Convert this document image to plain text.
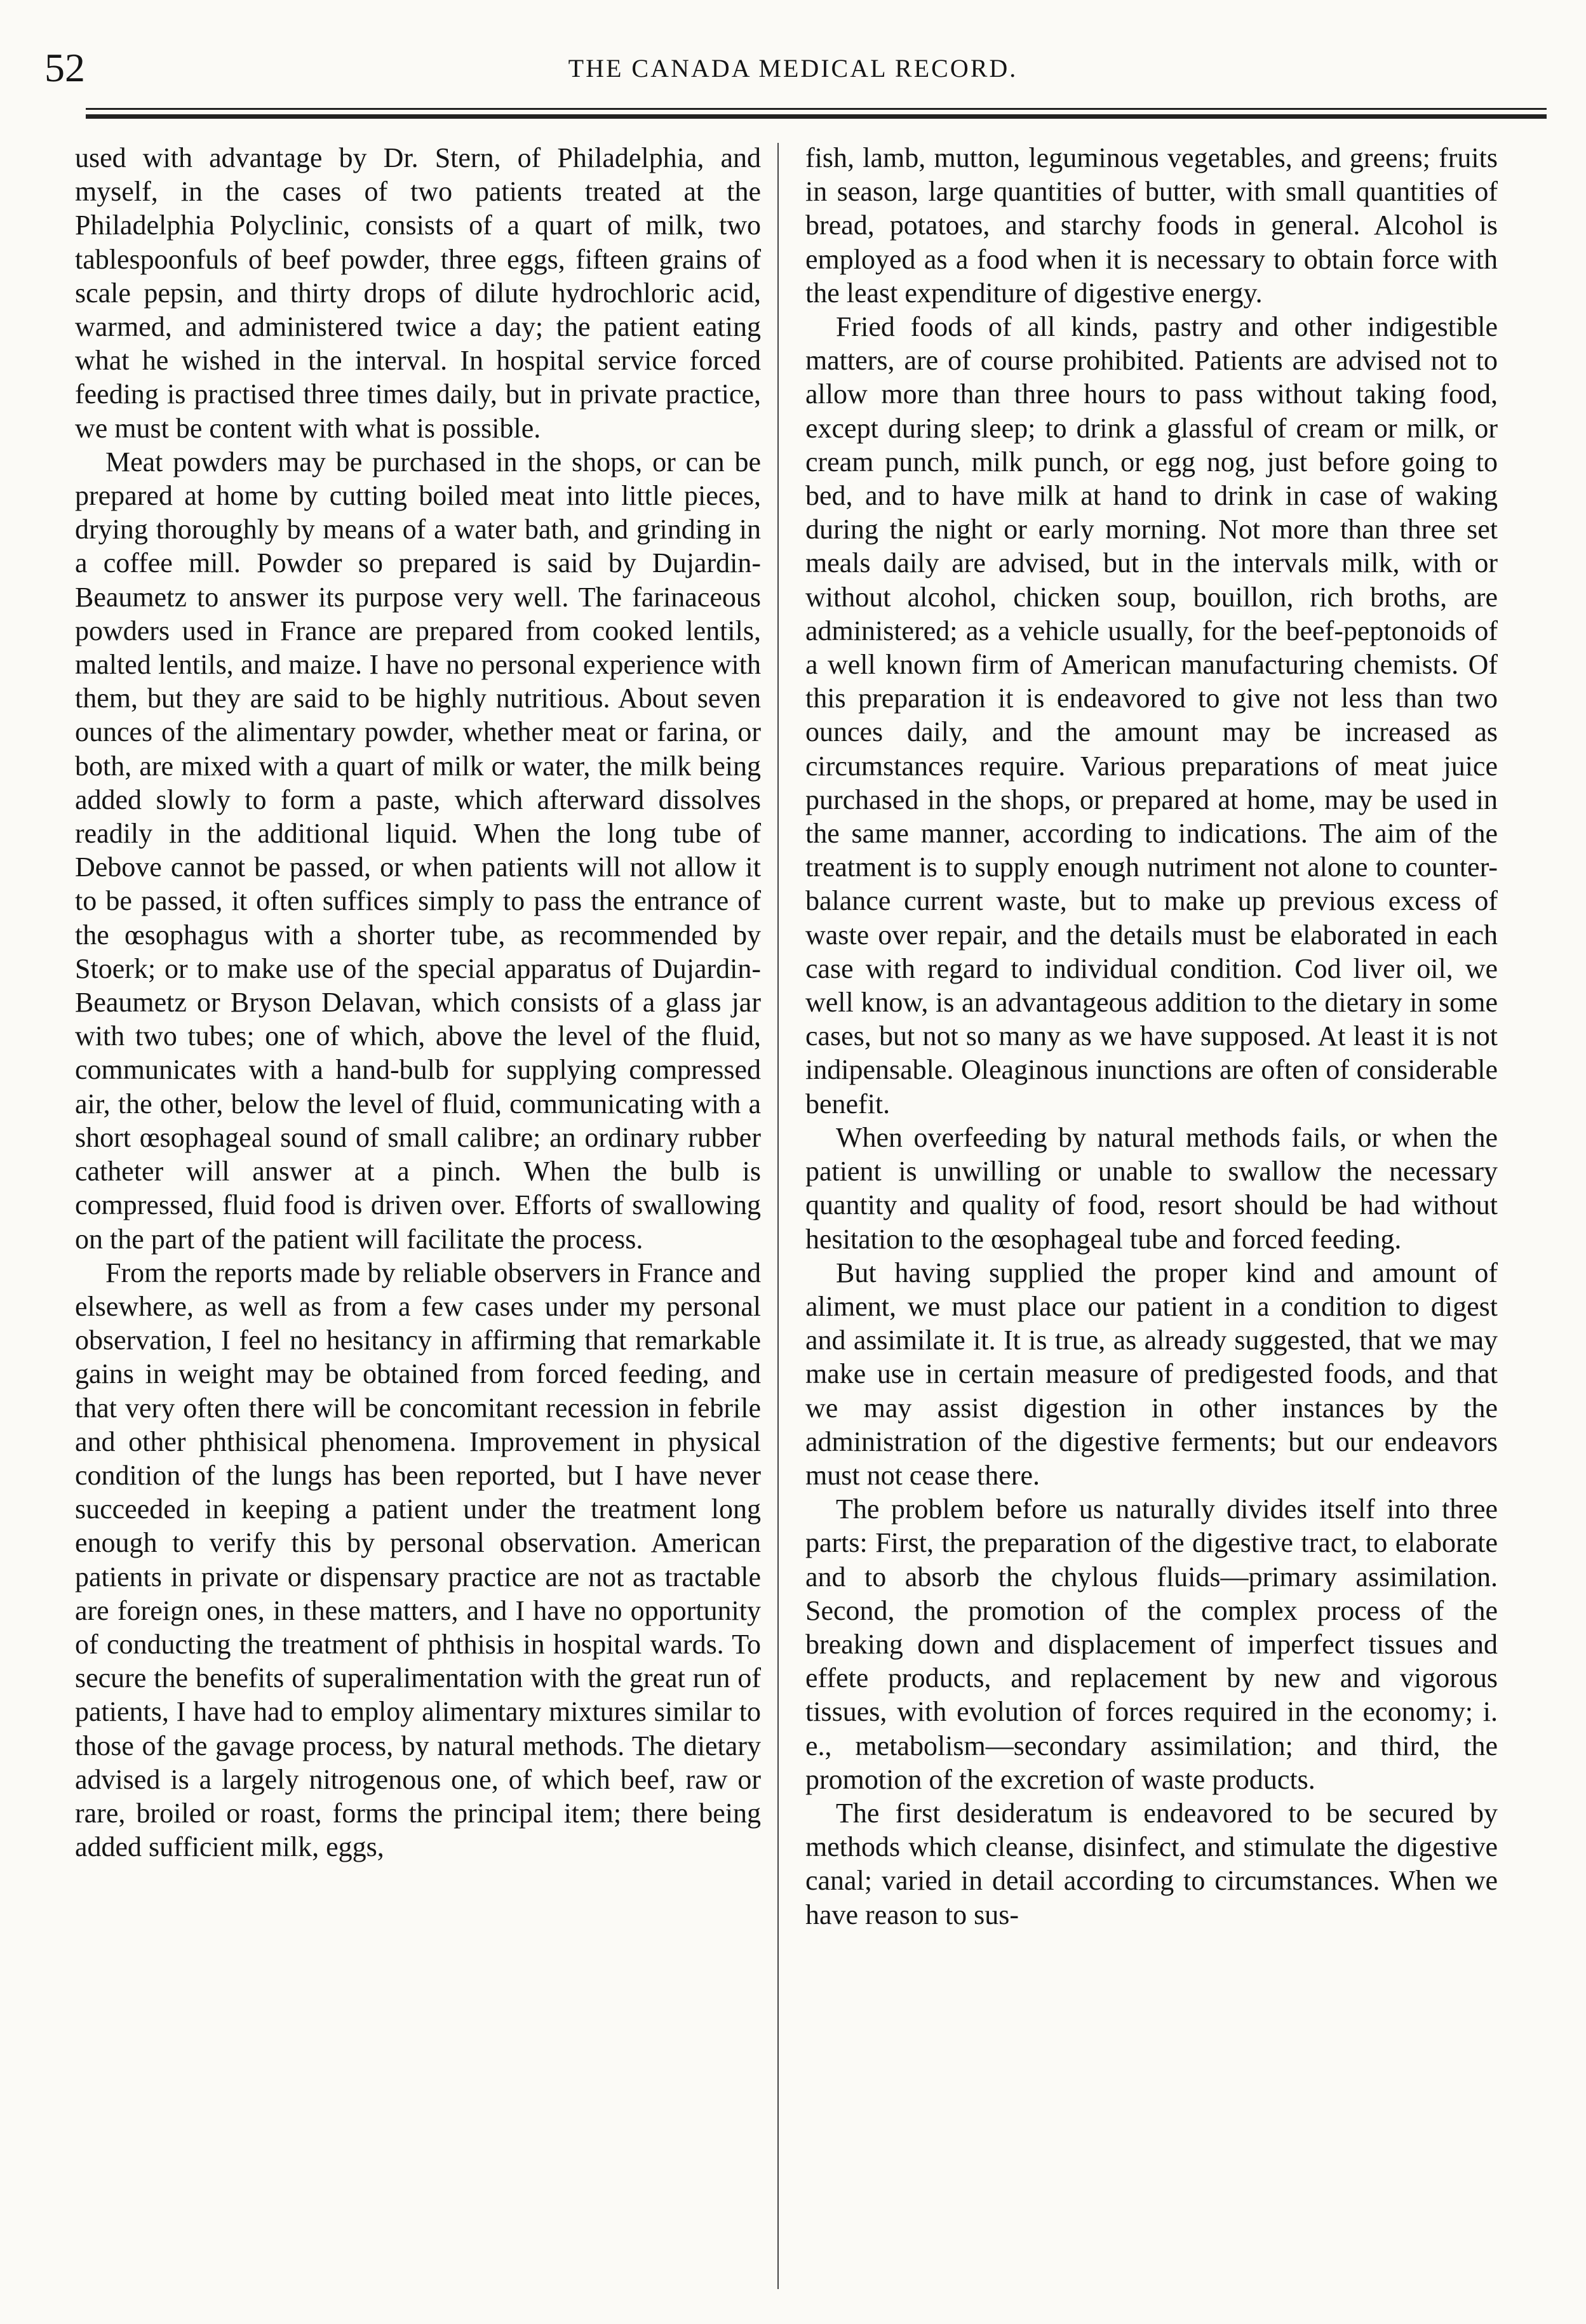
52	THE CANADA MEDICAL RECORD.

used with advantage by Dr. Stern, of Philadelphia, and myself, in the cases of two patients treated at the Philadelphia Polyclinic, consists of a quart of milk, two tablespoonfuls of beef powder, three eggs, fifteen grains of scale pepsin, and thirty drops of dilute hydrochloric acid, warmed, and administered twice a day; the patient eating what he wished in the interval. In hospital service forced feeding is practised three times daily, but in private practice, we must be content with what is possible.

Meat powders may be purchased in the shops, or can be prepared at home by cutting boiled meat into little pieces, drying thoroughly by means of a water bath, and grinding in a coffee mill. Powder so prepared is said by Dujardin-Beaumetz to answer its purpose very well. The farinaceous powders used in France are prepared from cooked lentils, malted lentils, and maize. I have no personal experience with them, but they are said to be highly nutritious. About seven ounces of the alimentary powder, whether meat or farina, or both, are mixed with a quart of milk or water, the milk being added slowly to form a paste, which afterward dissolves readily in the additional liquid. When the long tube of Debove cannot be passed, or when patients will not allow it to be passed, it often suffices simply to pass the entrance of the œsophagus with a shorter tube, as recommended by Stoerk; or to make use of the special apparatus of Dujardin-Beaumetz or Bryson Delavan, which consists of a glass jar with two tubes; one of which, above the level of the fluid, communicates with a hand-bulb for supplying compressed air, the other, below the level of fluid, communicating with a short œsophageal sound of small calibre; an ordinary rubber catheter will answer at a pinch. When the bulb is compressed, fluid food is driven over. Efforts of swallowing on the part of the patient will facilitate the process.

From the reports made by reliable observers in France and elsewhere, as well as from a few cases under my personal observation, I feel no hesitancy in affirming that remarkable gains in weight may be obtained from forced feeding, and that very often there will be concomitant recession in febrile and other phthisical phenomena. Improvement in physical condition of the lungs has been reported, but I have never succeeded in keeping a patient under the treatment long enough to verify this by personal observation. American patients in private or dispensary practice are not as tractable are foreign ones, in these matters, and I have no opportunity of conducting the treatment of phthisis in hospital wards. To secure the benefits of superalimentation with the great run of patients, I have had to employ alimentary mixtures similar to those of the gavage process, by natural methods. The dietary advised is a largely nitrogenous one, of which beef, raw or rare, broiled or roast, forms the principal item; there being added sufficient milk, eggs,

fish, lamb, mutton, leguminous vegetables, and greens; fruits in season, large quantities of butter, with small quantities of bread, potatoes, and starchy foods in general. Alcohol is employed as a food when it is necessary to obtain force with the least expenditure of digestive energy.

Fried foods of all kinds, pastry and other indigestible matters, are of course prohibited. Patients are advised not to allow more than three hours to pass without taking food, except during sleep; to drink a glassful of cream or milk, or cream punch, milk punch, or egg nog, just before going to bed, and to have milk at hand to drink in case of waking during the night or early morning. Not more than three set meals daily are advised, but in the intervals milk, with or without alcohol, chicken soup, bouillon, rich broths, are administered; as a vehicle usually, for the beef-peptonoids of a well known firm of American manufacturing chemists. Of this preparation it is endeavored to give not less than two ounces daily, and the amount may be increased as circumstances require. Various preparations of meat juice purchased in the shops, or prepared at home, may be used in the same manner, according to indications. The aim of the treatment is to supply enough nutriment not alone to counter-balance current waste, but to make up previous excess of waste over repair, and the details must be elaborated in each case with regard to individual condition. Cod liver oil, we well know, is an advantageous addition to the dietary in some cases, but not so many as we have supposed. At least it is not indipensable. Oleaginous inunctions are often of considerable benefit.

When overfeeding by natural methods fails, or when the patient is unwilling or unable to swallow the necessary quantity and quality of food, resort should be had without hesitation to the œsophageal tube and forced feeding.

But having supplied the proper kind and amount of aliment, we must place our patient in a condition to digest and assimilate it. It is true, as already suggested, that we may make use in certain measure of predigested foods, and that we may assist digestion in other instances by the administration of the digestive ferments; but our endeavors must not cease there.

The problem before us naturally divides itself into three parts: First, the preparation of the digestive tract, to elaborate and to absorb the chylous fluids—primary assimilation. Second, the promotion of the complex process of the breaking down and displacement of imperfect tissues and effete products, and replacement by new and vigorous tissues, with evolution of forces required in the economy; i. e., metabolism—secondary assimilation; and third, the promotion of the excretion of waste products.

The first desideratum is endeavored to be secured by methods which cleanse, disinfect, and stimulate the digestive canal; varied in detail according to circumstances. When we have reason to sus-
